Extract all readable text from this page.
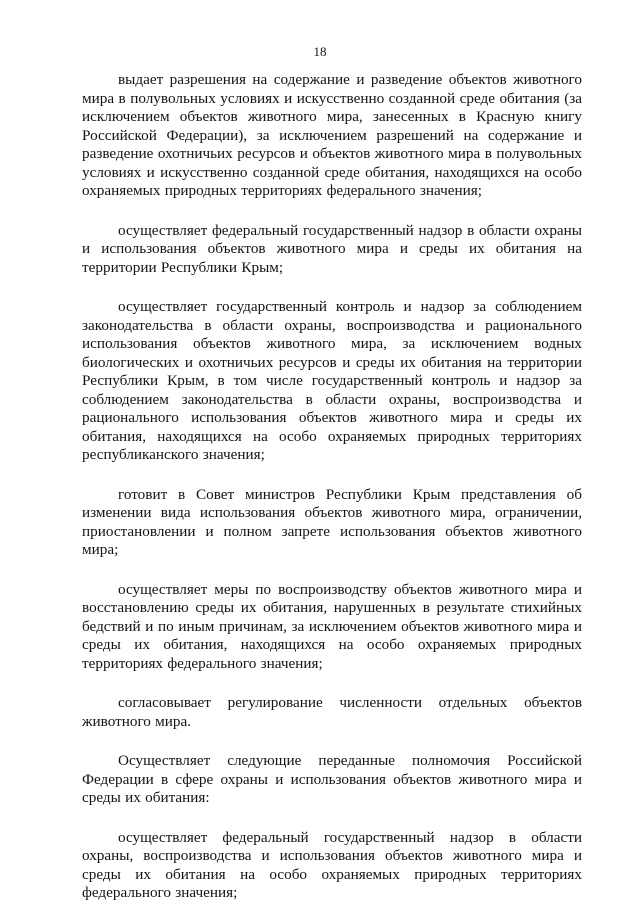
18

выдает разрешения на содержание и разведение объектов животного мира в полувольных условиях и искусственно созданной среде обитания (за исключением объектов животного мира, занесенных в Красную книгу Российской Федерации), за исключением разрешений на содержание и разведение охотничьих ресурсов и объектов животного мира в полувольных условиях и искусственно созданной среде обитания, находящихся на особо охраняемых природных территориях федерального значения;

осуществляет федеральный государственный надзор в области охраны и использования объектов животного мира и среды их обитания на территории Республики Крым;

осуществляет государственный контроль и надзор за соблюдением законодательства в области охраны, воспроизводства и рационального использования объектов животного мира, за исключением водных биологических и охотничьих ресурсов и среды их обитания на территории Республики Крым, в том числе государственный контроль и надзор за соблюдением законодательства в области охраны, воспроизводства и рационального использования объектов животного мира и среды их обитания, находящихся на особо охраняемых природных территориях республиканского значения;

готовит в Совет министров Республики Крым представления об изменении вида использования объектов животного мира, ограничении, приостановлении и полном запрете использования объектов животного мира;

осуществляет меры по воспроизводству объектов животного мира и восстановлению среды их обитания, нарушенных в результате стихийных бедствий и по иным причинам, за исключением объектов животного мира и среды их обитания, находящихся на особо охраняемых природных территориях федерального значения;

согласовывает регулирование численности отдельных объектов животного мира.

Осуществляет следующие переданные полномочия Российской Федерации в сфере охраны и использования объектов животного мира и среды их обитания:

осуществляет федеральный государственный надзор в области охраны, воспроизводства и использования объектов животного мира и среды их обитания на особо охраняемых природных территориях федерального значения;
